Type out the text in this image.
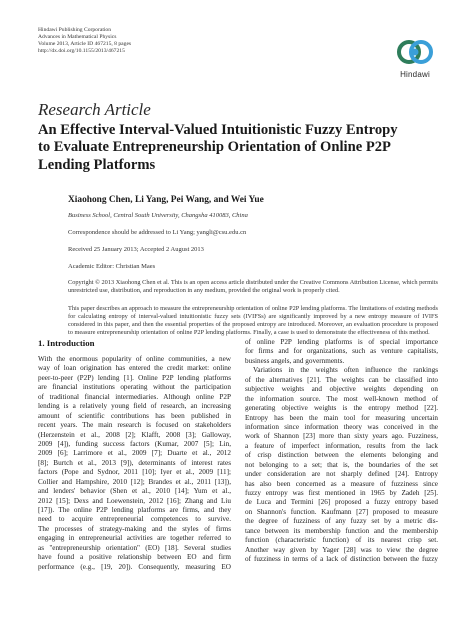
Hindawi Publishing Corporation
Advances in Mathematical Physics
Volume 2013, Article ID 467215, 8 pages
http://dx.doi.org/10.1155/2013/467215
Hindawi
Research Article
An Effective Interval-Valued Intuitionistic Fuzzy Entropy
to Evaluate Entrepreneurship Orientation of Online P2P
Lending Platforms
Xiaohong Chen, Li Yang, Pei Wang, and Wei Yue
Business School, Central South University, Changsha 410083, China
Correspondence should be addressed to Li Yang; yangli@csu.edu.cn
Received 25 January 2013; Accepted 2 August 2013
Academic Editor: Christian Maes
Copyright © 2013 Xiaohong Chen et al. This is an open access article distributed under the Creative Commons Attribution License, which permits unrestricted use, distribution, and reproduction in any medium, provided the original work is properly cited.
This paper describes an approach to measure the entrepreneurship orientation of online P2P lending platforms. The limitations of existing methods for calculating entropy of interval-valued intuitionistic fuzzy sets (IVIFSs) are significantly improved by a new entropy measure of IVIFS considered in this paper, and then the essential properties of the proposed entropy are introduced. Moreover, an evaluation procedure is proposed to measure entrepreneurship orientation of online P2P lending platforms. Finally, a case is used to demonstrate the effectiveness of this method.
1. Introduction
With the enormous popularity of online communities, a new
way of loan origination has entered the credit market: online
peer-to-peer (P2P) lending [1]. Online P2P lending platforms
are financial institutions operating without the participation
of traditional financial intermediaries. Although online P2P
lending is a relatively young field of research, an increasing
amount of scientific contributions has been published in
recent years. The main research is focused on stakeholders
(Herzenstein et al., 2008 [2]; Klafft, 2008 [3]; Galloway,
2009 [4]), funding success factors (Kumar, 2007 [5]; Lin,
2009 [6]; Larrimore et al., 2009 [7]; Duarte et al., 2012
[8]; Burtch et al., 2013 [9]), determinants of interest rates
factors (Pope and Sydnor, 2011 [10]; Iyer et al., 2009 [11];
Collier and Hampshire, 2010 [12]; Brandes et al., 2011 [13]),
and lenders' behavior (Shen et al., 2010 [14]; Yum et al.,
2012 [15]; Dexs and Loewenstein, 2012 [16]; Zhang and Liu
[17]). The online P2P lending platforms are firms, and they
need to acquire entrepreneurial competences to survive.
The processes of strategy-making and the styles of firms
engaging in entrepreneurial activities are together referred to
as "entrepreneurship orientation" (EO) [18]. Several studies
have found a positive relationship between EO and firm
performance (e.g., [19, 20]). Consequently, measuring EO
of online P2P lending platforms is of special importance
for firms and for organizations, such as venture capitalists,
business angels, and governments.
Variations in the weights often influence the rankings
of the alternatives [21]. The weights can be classified into
subjective weights and objective weights depending on
the information source. The most well-known method of
generating objective weights is the entropy method [22].
Entropy has been the main tool for measuring uncertain
information since information theory was conceived in the
work of Shannon [23] more than sixty years ago. Fuzziness,
a feature of imperfect information, results from the lack
of crisp distinction between the elements belonging and
not belonging to a set; that is, the boundaries of the set
under consideration are not sharply defined [24]. Entropy
has also been concerned as a measure of fuzziness since
fuzzy entropy was first mentioned in 1965 by Zadeh [25].
de Luca and Termini [26] proposed a fuzzy entropy based
on Shannon's function. Kaufmann [27] proposed to measure
the degree of fuzziness of any fuzzy set by a metric dis-
tance between its membership function and the membership
function (characteristic function) of its nearest crisp set.
Another way given by Yager [28] was to view the degree
of fuzziness in terms of a lack of distinction between the fuzzy
